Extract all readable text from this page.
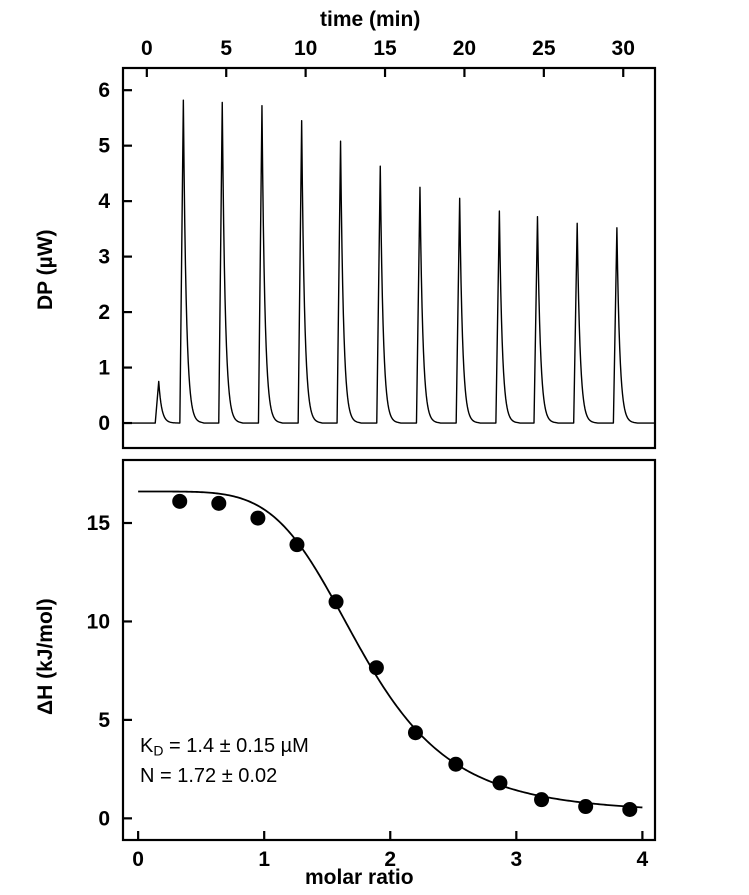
time (min)
DP (µW)
0	5	10	15	20	25	30
0
1
2
3
4
5
6
ΔH (kJ/mol)
molar ratio
0	1	2	3	4
0
5
10
15
$K_D = 1.4 \pm 0.15$ µM
N = 1.72 ± 0.02
